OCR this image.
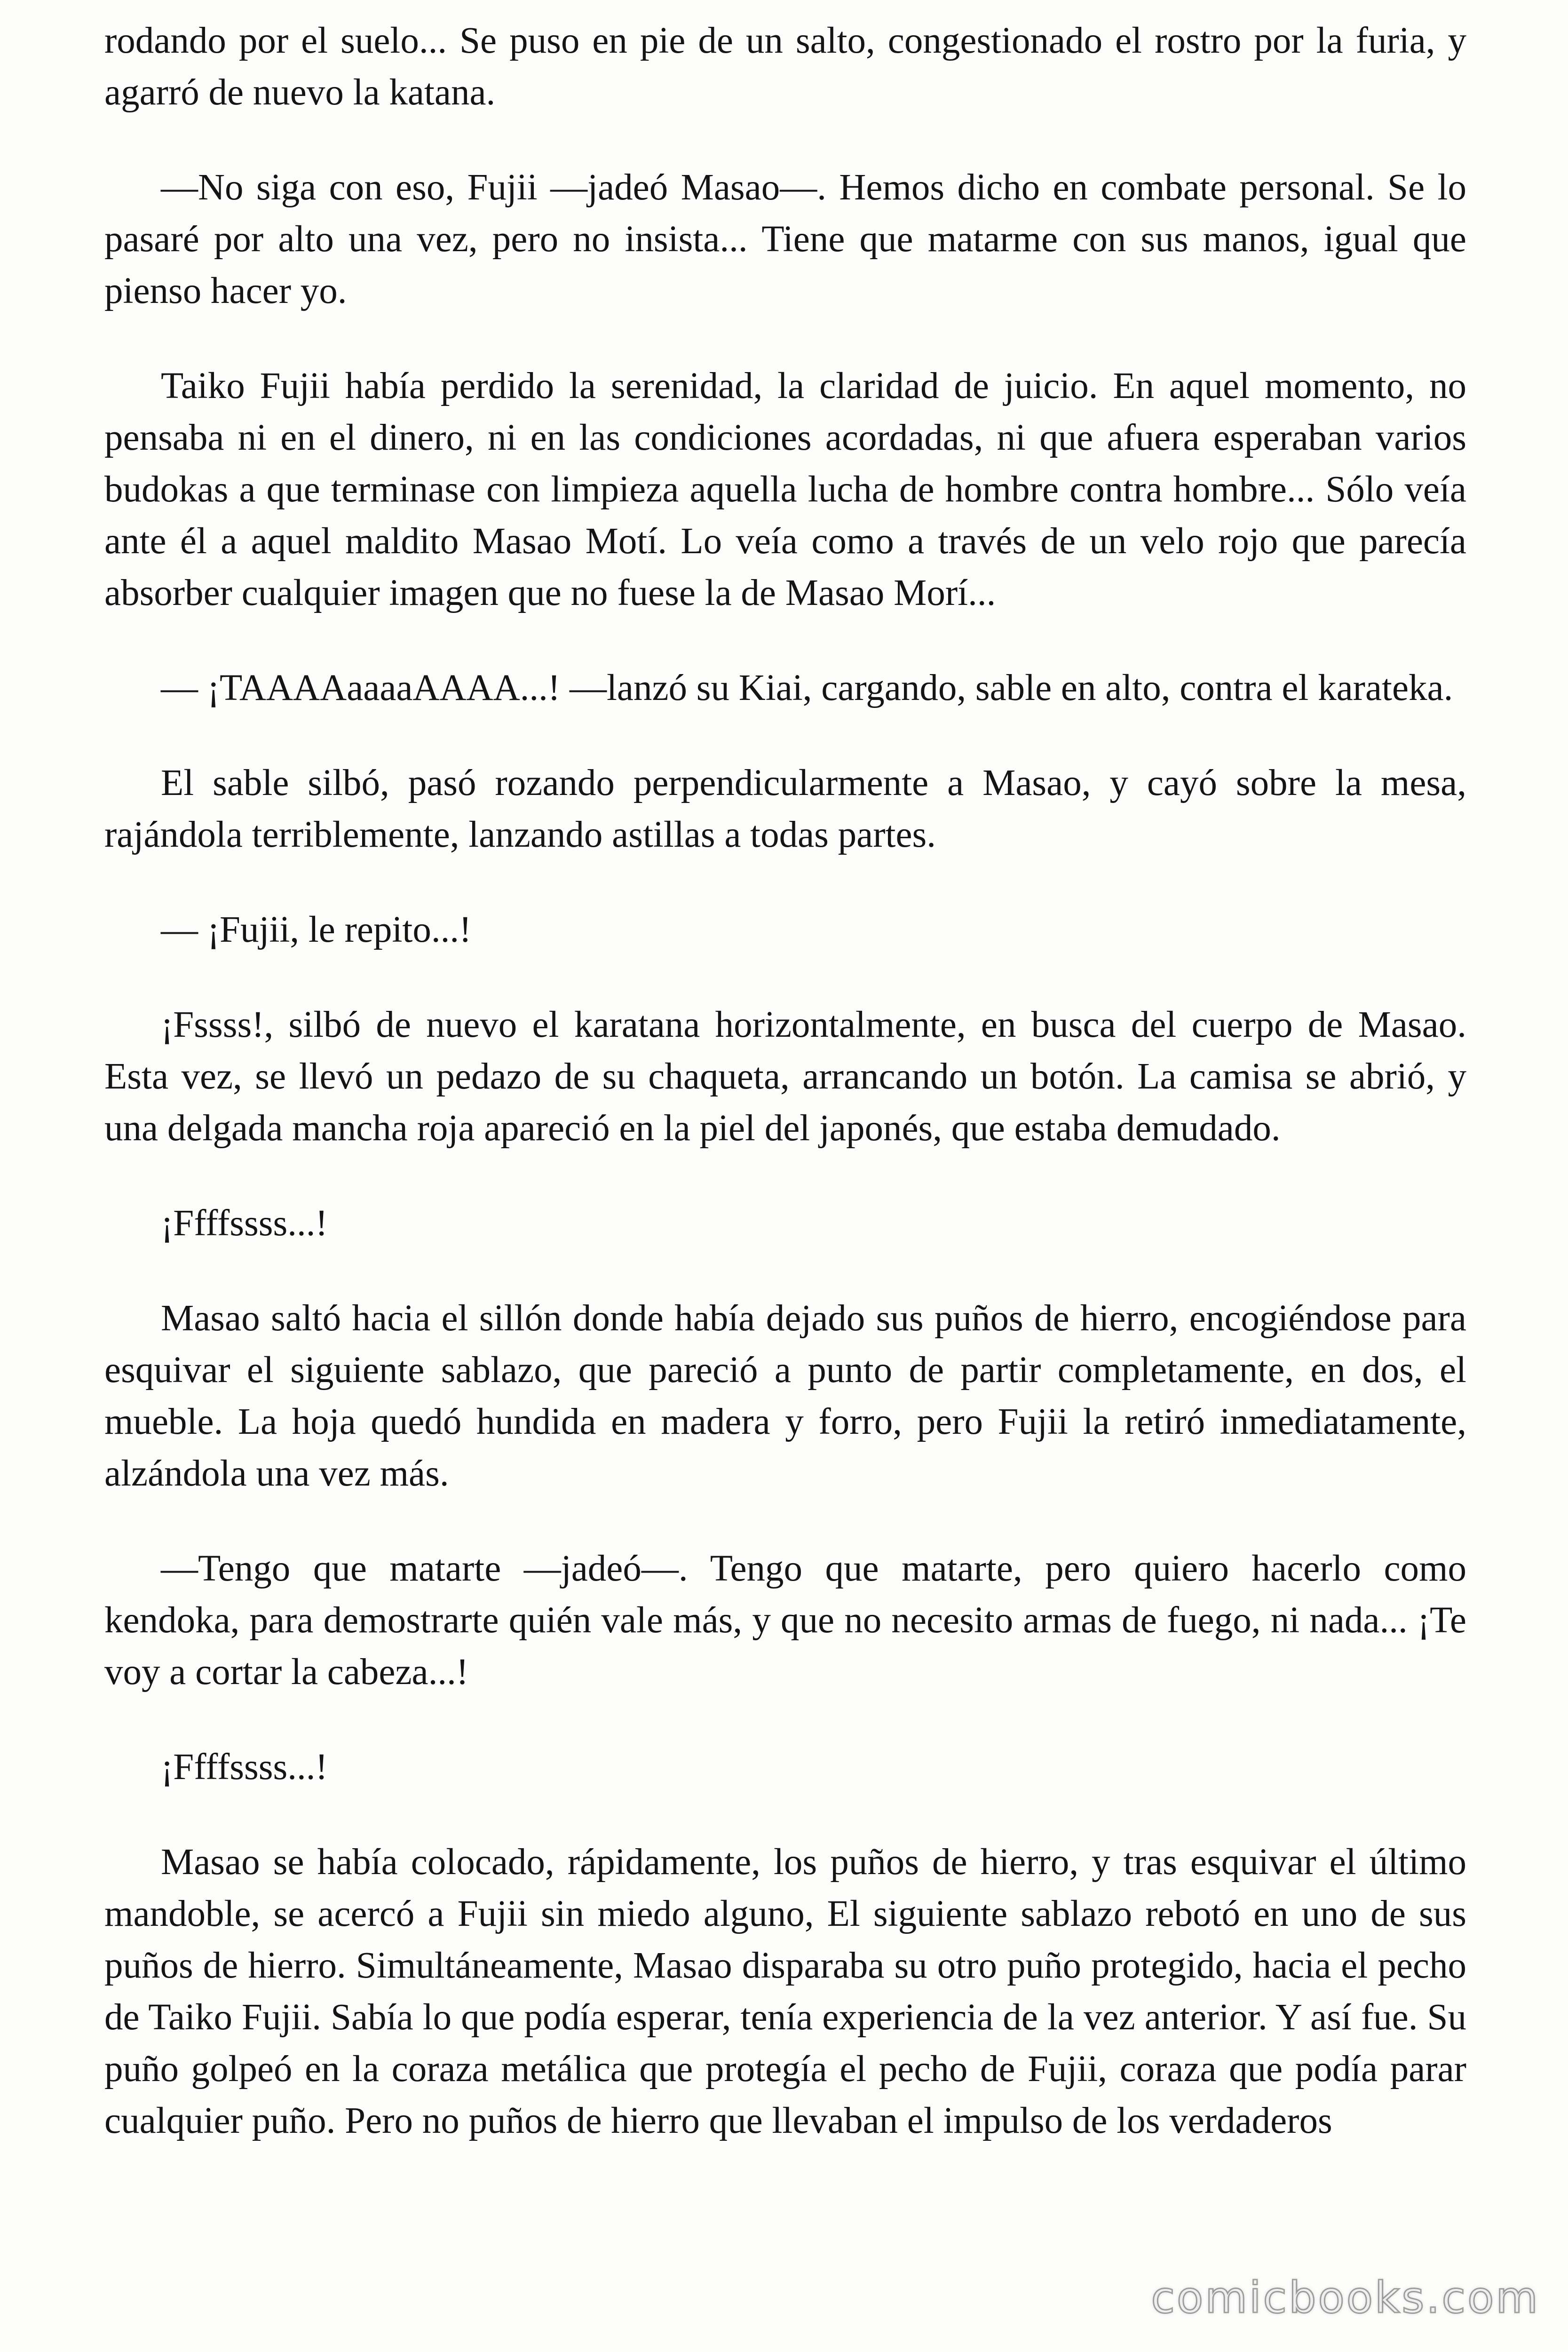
rodando por el suelo... Se puso en pie de un salto, congestionado el rostro por la furia, y agarró de nuevo la katana.

—No siga con eso, Fujii —jadeó Masao—. Hemos dicho en combate personal. Se lo pasaré por alto una vez, pero no insista... Tiene que matarme con sus manos, igual que pienso hacer yo.

Taiko Fujii había perdido la serenidad, la claridad de juicio. En aquel momento, no pensaba ni en el dinero, ni en las condiciones acordadas, ni que afuera esperaban varios budokas a que terminase con limpieza aquella lucha de hombre contra hombre... Sólo veía ante él a aquel maldito Masao Motí. Lo veía como a través de un velo rojo que parecía absorber cualquier imagen que no fuese la de Masao Morí...

— ¡TAAAAaaaaAAAA...! —lanzó su Kiai, cargando, sable en alto, contra el karateka.

El sable silbó, pasó rozando perpendicularmente a Masao, y cayó sobre la mesa, rajándola terriblemente, lanzando astillas a todas partes.

— ¡Fujii, le repito...!

¡Fssss!, silbó de nuevo el karatana horizontalmente, en busca del cuerpo de Masao. Esta vez, se llevó un pedazo de su chaqueta, arrancando un botón. La camisa se abrió, y una delgada mancha roja apareció en la piel del japonés, que estaba demudado.

¡Ffffssss...!

Masao saltó hacia el sillón donde había dejado sus puños de hierro, encogiéndose para esquivar el siguiente sablazo, que pareció a punto de partir completamente, en dos, el mueble. La hoja quedó hundida en madera y forro, pero Fujii la retiró inmediatamente, alzándola una vez más.

—Tengo que matarte —jadeó—. Tengo que matarte, pero quiero hacerlo como kendoka, para demostrarte quién vale más, y que no necesito armas de fuego, ni nada... ¡Te voy a cortar la cabeza...!

¡Ffffssss...!

Masao se había colocado, rápidamente, los puños de hierro, y tras esquivar el último mandoble, se acercó a Fujii sin miedo alguno, El siguiente sablazo rebotó en uno de sus puños de hierro. Simultáneamente, Masao disparaba su otro puño protegido, hacia el pecho de Taiko Fujii. Sabía lo que podía esperar, tenía experiencia de la vez anterior. Y así fue. Su puño golpeó en la coraza metálica que protegía el pecho de Fujii, coraza que podía parar cualquier puño. Pero no puños de hierro que llevaban el impulso de los verdaderos

comicbooks.com
